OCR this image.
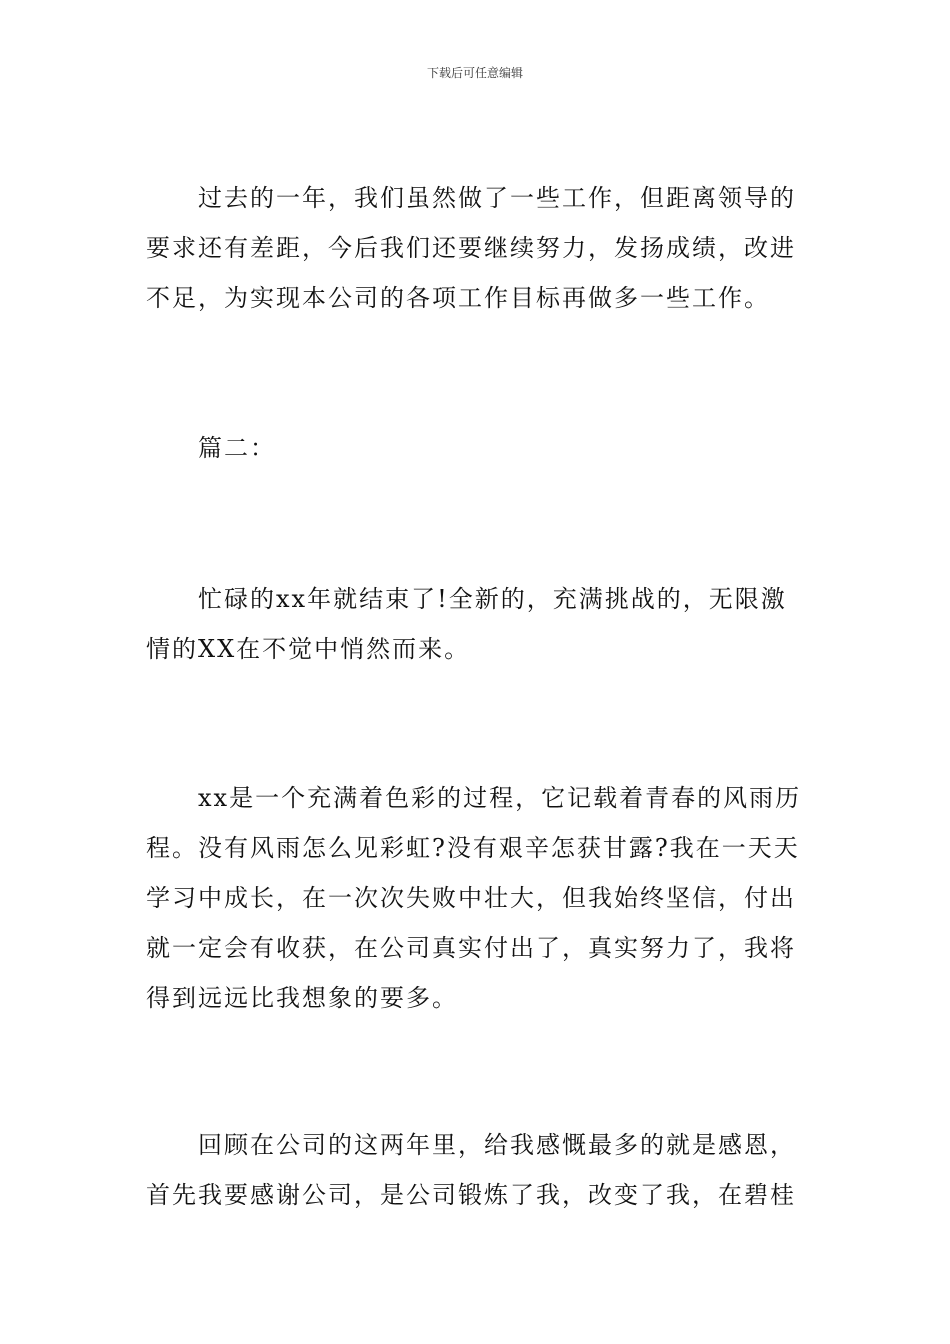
下载后可任意编辑

过去的一年，我们虽然做了一些工作，但距离领导的要求还有差距，今后我们还要继续努力，发扬成绩，改进不足，为实现本公司的各项工作目标再做多一些工作。

篇二：

忙碌的xx年就结束了!全新的，充满挑战的，无限激情的XX在不觉中悄然而来。

xx是一个充满着色彩的过程，它记载着青春的风雨历程。没有风雨怎么见彩虹?没有艰辛怎获甘露?我在一天天学习中成长，在一次次失败中壮大，但我始终坚信，付出就一定会有收获，在公司真实付出了，真实努力了，我将得到远远比我想象的要多。

回顾在公司的这两年里，给我感慨最多的就是感恩，首先我要感谢公司，是公司锻炼了我，改变了我，在碧桂
